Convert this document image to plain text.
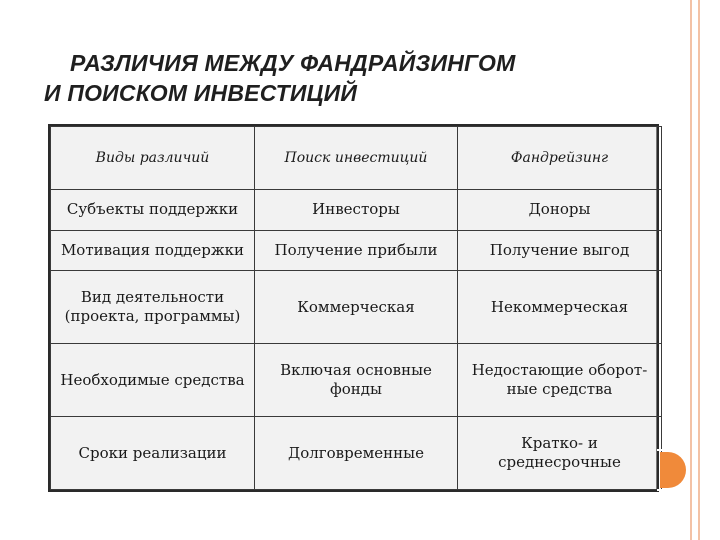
РАЗЛИЧИЯ МЕЖДУ ФАНДРАЙЗИНГОМ
И ПОИСКОМ ИНВЕСТИЦИЙ
Виды различий	Поиск инвестиций	Фандрейзинг
Субъекты поддержки	Инвесторы	Доноры
Мотивация поддержки	Получение прибыли	Получение выгод
Вид деятельности (проекта, программы)	Коммерческая	Некоммерческая
Необходимые средства	Включая основные фонды	Недостающие оборот-ные средства
Сроки реализации	Долговременные	Кратко- и среднесрочные
